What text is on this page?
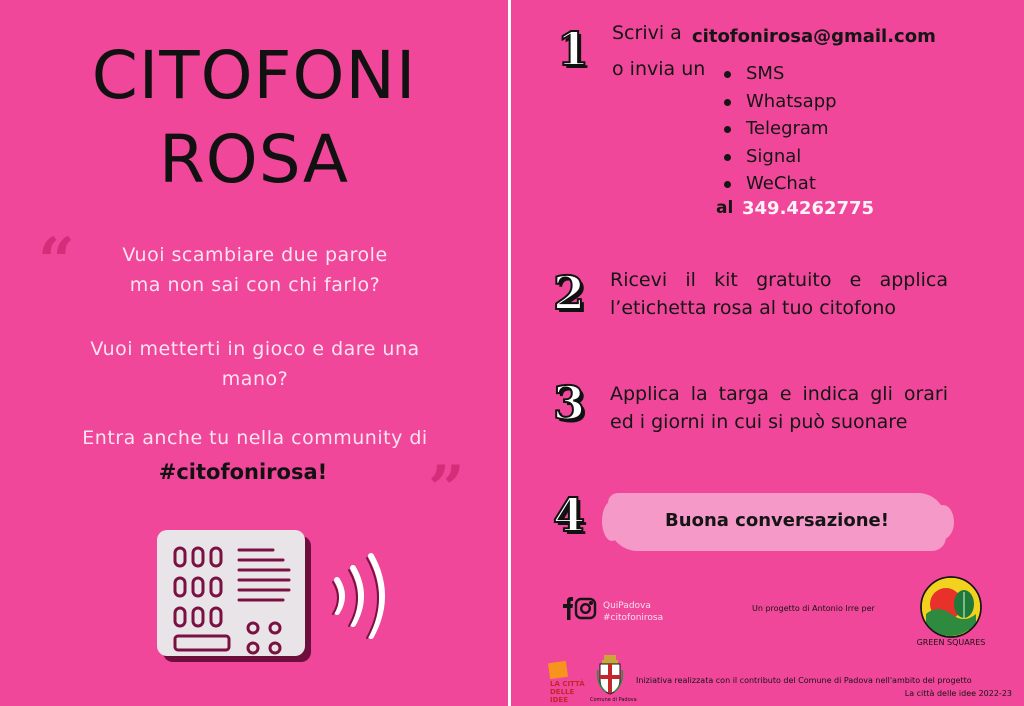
CITOFONI
ROSA
“
”
Vuoi scambiare due parole
ma non sai con chi farlo?
Vuoi metterti in gioco e dare una
mano?
Entra anche tu nella community di
#citofonirosa!
1 Scrivi a citofonirosa@gmail.com
o invia un	SMS
Whatsapp
Telegram
Signal
WeChat
al 349.4262775
2 Ricevi il kit gratuito e applica l’etichetta rosa al tuo citofono
3 Applica la targa e indica gli orari ed i giorni in cui si può suonare
4	Buona conversazione!
QuiPadova
#citofonirosa
Un progetto di Antonio Irre per
GREEN SQUARES
LA CITTÀ
DELLE
IDEE	Comune di Padova
Iniziativa realizzata con il contributo del Comune di Padova nell'ambito del progetto
La città delle idee 2022-23
